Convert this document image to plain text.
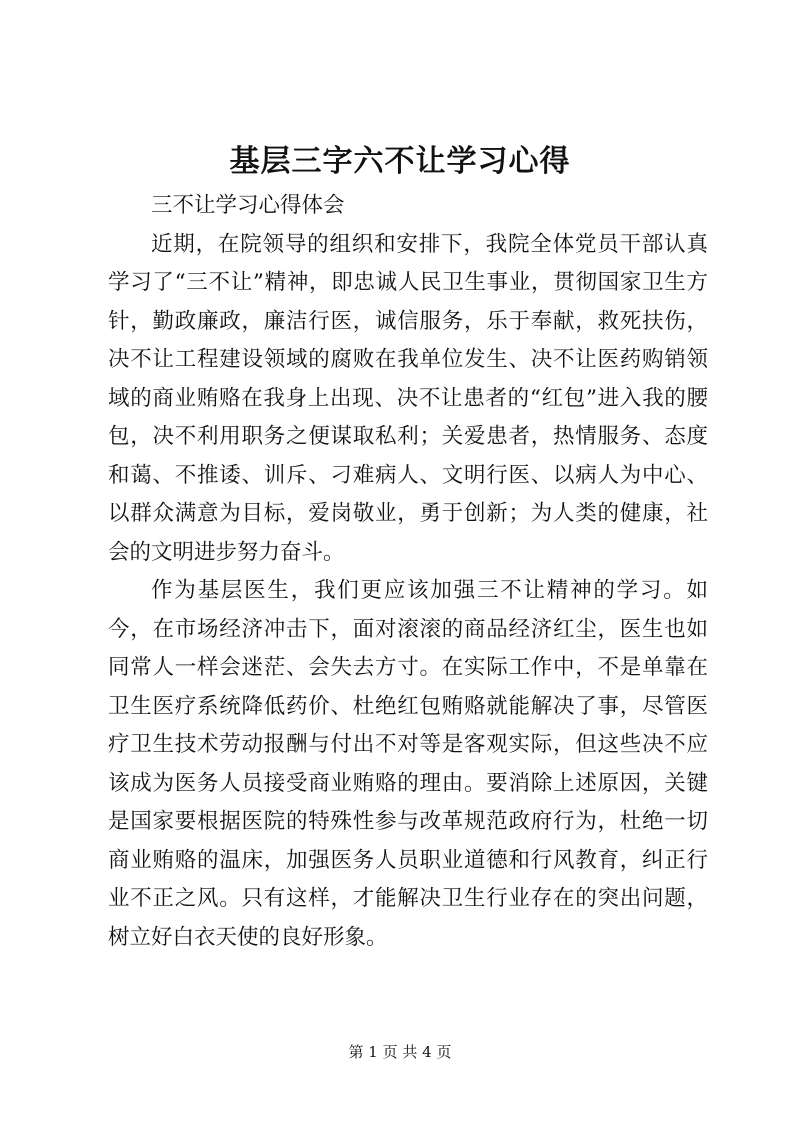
基层三字六不让学习心得

三不让学习心得体会

近期，在院领导的组织和安排下，我院全体党员干部认真学习了“三不让”精神，即忠诚人民卫生事业，贯彻国家卫生方针，勤政廉政，廉洁行医，诚信服务，乐于奉献，救死扶伤，决不让工程建设领域的腐败在我单位发生、决不让医药购销领域的商业贿赂在我身上出现、决不让患者的“红包”进入我的腰包，决不利用职务之便谋取私利；关爱患者，热情服务、态度和蔼、不推诿、训斥、刁难病人、文明行医、以病人为中心、以群众满意为目标，爱岗敬业，勇于创新；为人类的健康，社会的文明进步努力奋斗。

作为基层医生，我们更应该加强三不让精神的学习。如今，在市场经济冲击下，面对滚滚的商品经济红尘，医生也如同常人一样会迷茫、会失去方寸。在实际工作中，不是单靠在卫生医疗系统降低药价、杜绝红包贿赂就能解决了事，尽管医疗卫生技术劳动报酬与付出不对等是客观实际，但这些决不应该成为医务人员接受商业贿赂的理由。要消除上述原因，关键是国家要根据医院的特殊性参与改革规范政府行为，杜绝一切商业贿赂的温床，加强医务人员职业道德和行风教育，纠正行业不正之风。只有这样，才能解决卫生行业存在的突出问题，树立好白衣天使的良好形象。

第 1 页 共 4 页
